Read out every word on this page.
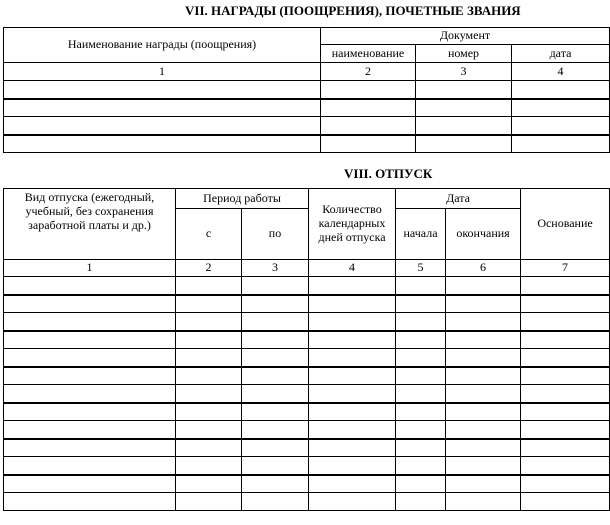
VII. НАГРАДЫ (ПООЩРЕНИЯ), ПОЧЕТНЫЕ ЗВАНИЯ
Наименование награды (поощрения)	Документ		
	наименование	номер	дата
1	2	3	4

VIII. ОТПУСК
Вид отпуска (ежегодный, учебный, без сохранения заработной платы и др.)	Период работы		Количество календарных дней отпуска	Дата		Основание
	с	по		начала	окончания	
1	2	3	4	5	6	7
